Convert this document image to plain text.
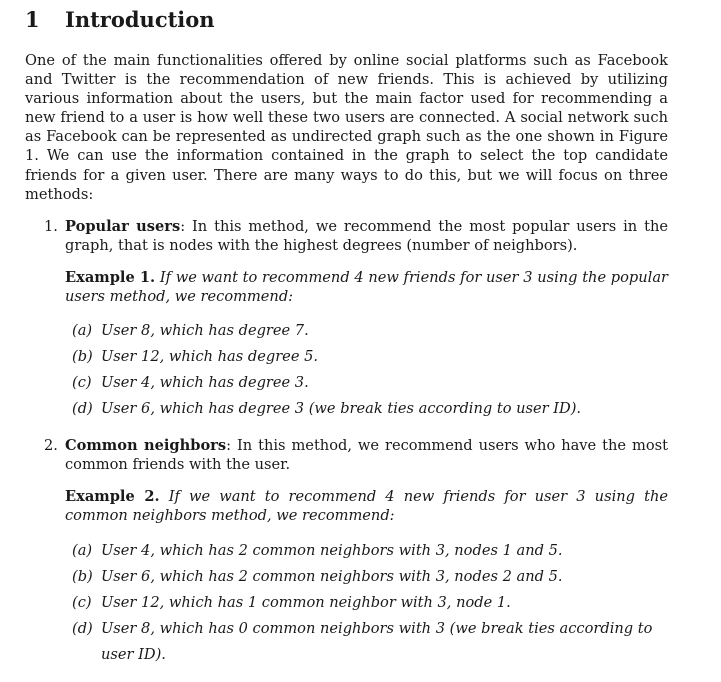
1 Introduction

One of the main functionalities offered by online social platforms such as Facebook and Twitter is the recommendation of new friends. This is achieved by utilizing various information about the users, but the main factor used for recommending a new friend to a user is how well these two users are connected. A social network such as Facebook can be represented as undirected graph such as the one shown in Figure 1. We can use the information contained in the graph to select the top candidate friends for a given user. There are many ways to do this, but we will focus on three methods:

1. Popular users: In this method, we recommend the most popular users in the graph, that is nodes with the highest degrees (number of neighbors).

Example 1. If we want to recommend 4 new friends for user 3 using the popular users method, we recommend:
(a) User 8, which has degree 7.
(b) User 12, which has degree 5.
(c) User 4, which has degree 3.
(d) User 6, which has degree 3 (we break ties according to user ID).
2. Common neighbors: In this method, we recommend users who have the most common friends with the user.

Example 2. If we want to recommend 4 new friends for user 3 using the common neighbors method, we recommend:
(a) User 4, which has 2 common neighbors with 3, nodes 1 and 5.
(b) User 6, which has 2 common neighbors with 3, nodes 2 and 5.
(c) User 12, which has 1 common neighbor with 3, node 1.
(d) User 8, which has 0 common neighbors with 3 (we break ties according to user ID).
